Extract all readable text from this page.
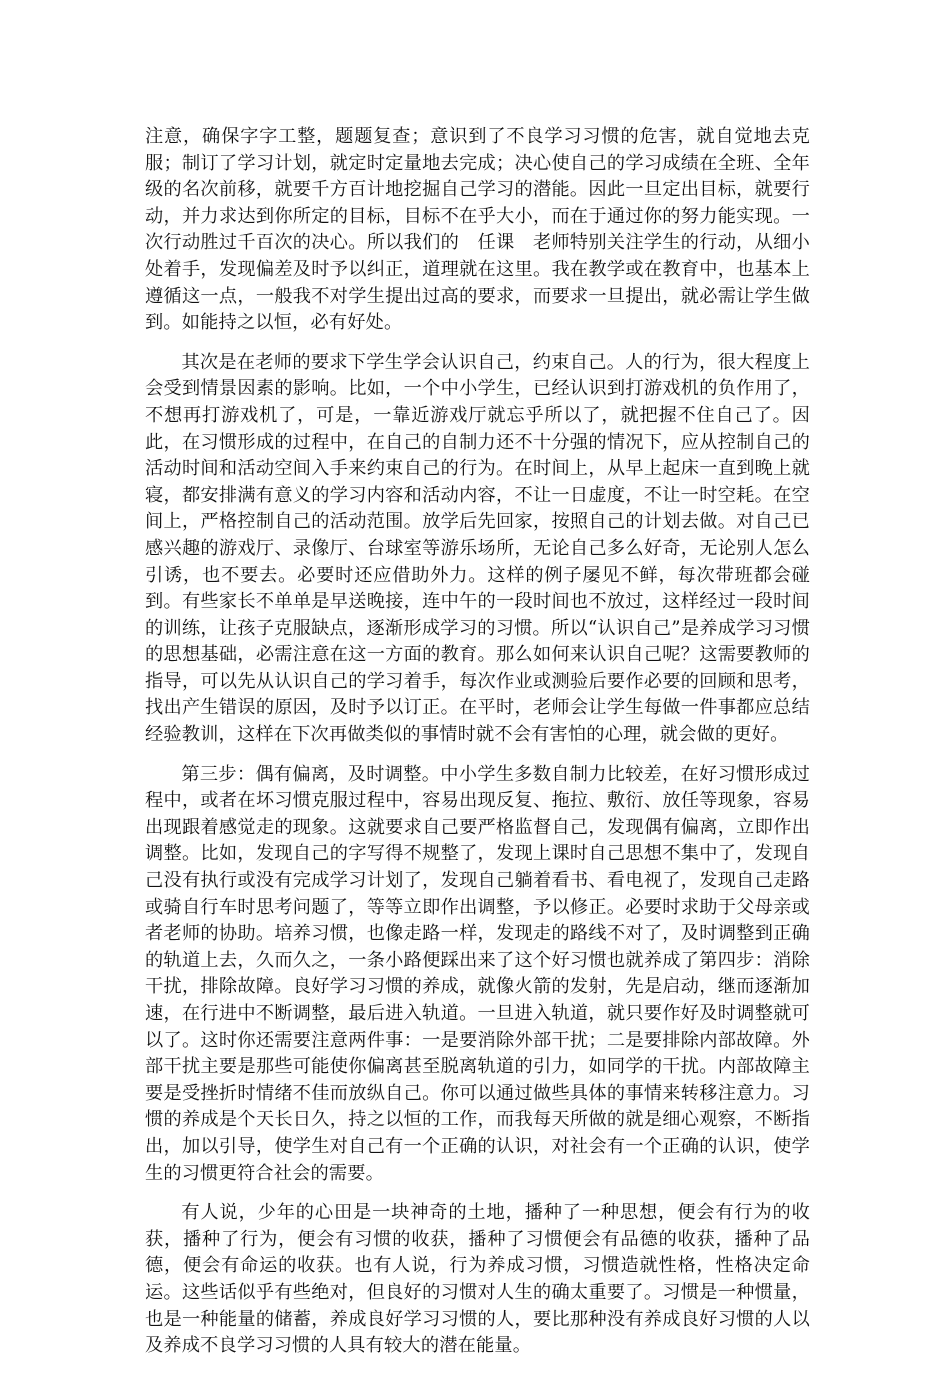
注意，确保字字工整，题题复查；意识到了不良学习习惯的危害，就自觉地去克服；制订了学习计划，就定时定量地去完成；决心使自己的学习成绩在全班、全年级的名次前移，就要千方百计地挖掘自己学习的潜能。因此一旦定出目标，就要行动，并力求达到你所定的目标，目标不在乎大小，而在于通过你的努力能实现。一次行动胜过千百次的决心。所以我们的　任课　老师特别关注学生的行动，从细小处着手，发现偏差及时予以纠正，道理就在这里。我在教学或在教育中，也基本上遵循这一点，一般我不对学生提出过高的要求，而要求一旦提出，就必需让学生做到。如能持之以恒，必有好处。

其次是在老师的要求下学生学会认识自己，约束自己。人的行为，很大程度上会受到情景因素的影响。比如，一个中小学生，已经认识到打游戏机的负作用了，不想再打游戏机了，可是，一靠近游戏厅就忘乎所以了，就把握不住自己了。因此，在习惯形成的过程中，在自己的自制力还不十分强的情况下，应从控制自己的活动时间和活动空间入手来约束自己的行为。在时间上，从早上起床一直到晚上就寝，都安排满有意义的学习内容和活动内容，不让一日虚度，不让一时空耗。在空间上，严格控制自己的活动范围。放学后先回家，按照自己的计划去做。对自己已感兴趣的游戏厅、录像厅、台球室等游乐场所，无论自己多么好奇，无论别人怎么引诱，也不要去。必要时还应借助外力。这样的例子屡见不鲜，每次带班都会碰到。有些家长不单单是早送晚接，连中午的一段时间也不放过，这样经过一段时间的训练，让孩子克服缺点，逐渐形成学习的习惯。所以“认识自己”是养成学习习惯的思想基础，必需注意在这一方面的教育。那么如何来认识自己呢？这需要教师的指导，可以先从认识自己的学习着手，每次作业或测验后要作必要的回顾和思考，找出产生错误的原因，及时予以订正。在平时，老师会让学生每做一件事都应总结经验教训，这样在下次再做类似的事情时就不会有害怕的心理，就会做的更好。

第三步：偶有偏离，及时调整。中小学生多数自制力比较差，在好习惯形成过程中，或者在坏习惯克服过程中，容易出现反复、拖拉、敷衍、放任等现象，容易出现跟着感觉走的现象。这就要求自己要严格监督自己，发现偶有偏离，立即作出调整。比如，发现自己的字写得不规整了，发现上课时自己思想不集中了，发现自己没有执行或没有完成学习计划了，发现自己躺着看书、看电视了，发现自己走路或骑自行车时思考问题了，等等立即作出调整，予以修正。必要时求助于父母亲或者老师的协助。培养习惯，也像走路一样，发现走的路线不对了，及时调整到正确的轨道上去，久而久之，一条小路便踩出来了这个好习惯也就养成了第四步：消除干扰，排除故障。良好学习习惯的养成，就像火箭的发射，先是启动，继而逐渐加速，在行进中不断调整，最后进入轨道。一旦进入轨道，就只要作好及时调整就可以了。这时你还需要注意两件事：一是要消除外部干扰；二是要排除内部故障。外部干扰主要是那些可能使你偏离甚至脱离轨道的引力，如同学的干扰。内部故障主要是受挫折时情绪不佳而放纵自己。你可以通过做些具体的事情来转移注意力。习惯的养成是个天长日久，持之以恒的工作，而我每天所做的就是细心观察，不断指出，加以引导，使学生对自己有一个正确的认识，对社会有一个正确的认识，使学生的习惯更符合社会的需要。

有人说，少年的心田是一块神奇的土地，播种了一种思想，便会有行为的收获，播种了行为，便会有习惯的收获，播种了习惯便会有品德的收获，播种了品德，便会有命运的收获。也有人说，行为养成习惯，习惯造就性格，性格决定命运。这些话似乎有些绝对，但良好的习惯对人生的确太重要了。习惯是一种惯量，也是一种能量的储蓄，养成良好学习习惯的人，要比那种没有养成良好习惯的人以及养成不良学习习惯的人具有较大的潜在能量。
